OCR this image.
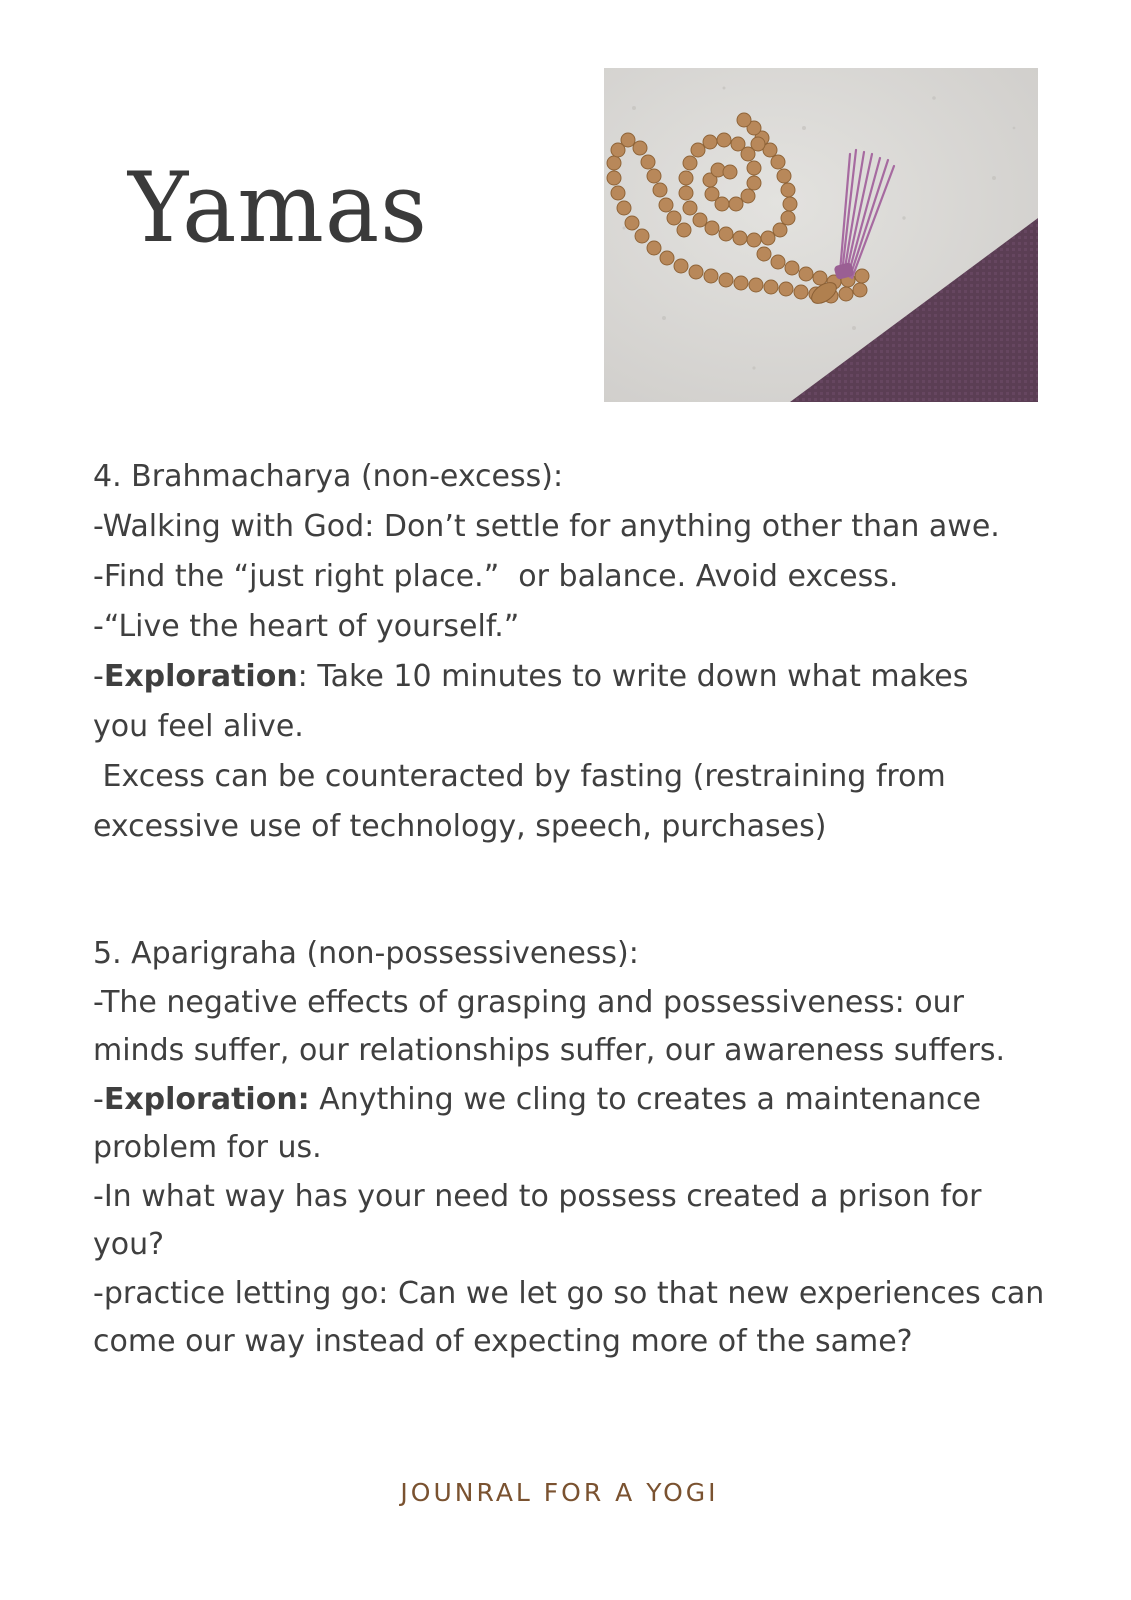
Yamas
4. Brahmacharya (non-excess):
-Walking with God: Don’t settle for anything other than awe.
-Find the “just right place.”  or balance. Avoid excess.
-“Live the heart of yourself.”
-Exploration: Take 10 minutes to write down what makes
you feel alive.
Excess can be counteracted by fasting (restraining from
excessive use of technology, speech, purchases)
5. Aparigraha (non-possessiveness):
-The negative effects of grasping and possessiveness: our
minds suffer, our relationships suffer, our awareness suffers.
-Exploration: Anything we cling to creates a maintenance
problem for us.
-In what way has your need to possess created a prison for
you?
-practice letting go: Can we let go so that new experiences can
come our way instead of expecting more of the same?
JOUNRAL FOR A YOGI
